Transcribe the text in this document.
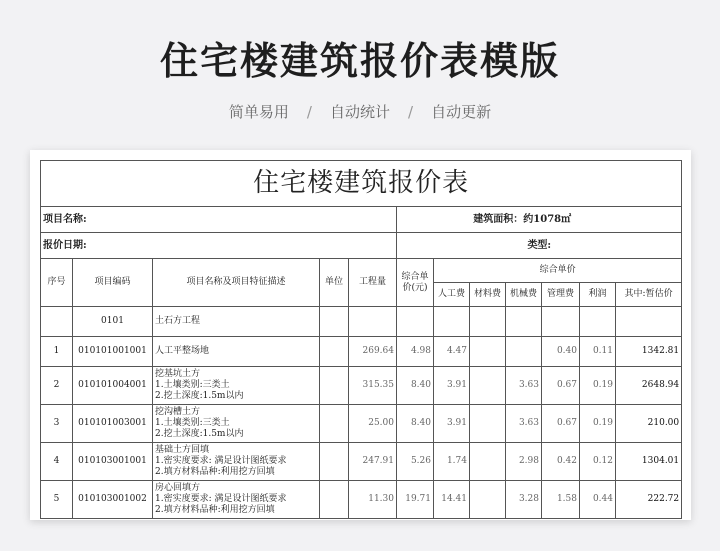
住宅楼建筑报价表模版
简单易用 / 自动统计 / 自动更新
住宅楼建筑报价表											
项目名称:					建筑面积：约1078㎡						
报价日期:					类型:						
序号	项目编码	项目名称及项目特征描述	单位	工程量	综合单价(元)	综合单价					
						人工费	材料费	机械费	管理费	利润	其中:暂估价
	0101	土石方工程									

1	010101001001	人工平整场地		269.64	4.98	4.47			0.40	0.11	1342.81
2	010101004001	挖基坑土方
1.土壤类别:三类土
2.挖土深度:1.5m以内		315.35	8.40	3.91		3.63	0.67	0.19	2648.94
3	010101003001	挖沟槽土方
1.土壤类别:三类土
2.挖土深度:1.5m以内		25.00	8.40	3.91		3.63	0.67	0.19	210.00
4	010103001001	基础土方回填
1.密实度要求: 满足设计图纸要求
2.填方材料品种:利用挖方回填		247.91	5.26	1.74		2.98	0.42	0.12	1304.01
5	010103001002	房心回填方
1.密实度要求: 满足设计图纸要求
2.填方材料品种:利用挖方回填		11.30	19.71	14.41		3.28	1.58	0.44	222.72
